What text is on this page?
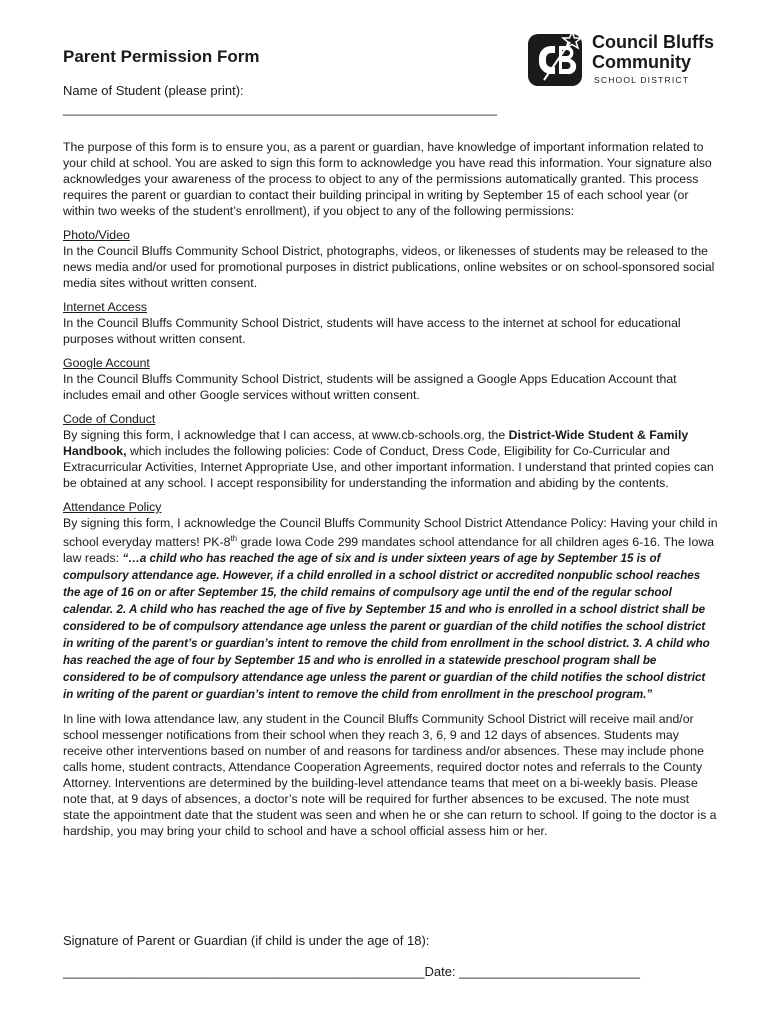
Parent Permission Form
Name of Student (please print):
____________________________________________________________
Council Bluffs
Community
SCHOOL DISTRICT

The purpose of this form is to ensure you, as a parent or guardian, have knowledge of important information related to your child at school. You are asked to sign this form to acknowledge you have read this information. Your signature also acknowledges your awareness of the process to object to any of the permissions automatically granted. This process requires the parent or guardian to contact their building principal in writing by September 15 of each school year (or within two weeks of the student’s enrollment), if you object to any of the following permissions:

Photo/Video
In the Council Bluffs Community School District, photographs, videos, or likenesses of students may be released to the news media and/or used for promotional purposes in district publications, online websites or on school-sponsored social media sites without written consent.
Internet Access
In the Council Bluffs Community School District, students will have access to the internet at school for educational purposes without written consent.
Google Account
In the Council Bluffs Community School District, students will be assigned a Google Apps Education Account that includes email and other Google services without written consent.
Code of Conduct
By signing this form, I acknowledge that I can access, at www.cb-schools.org, the District-Wide Student & Family Handbook, which includes the following policies: Code of Conduct, Dress Code, Eligibility for Co-Curricular and Extracurricular Activities, Internet Appropriate Use, and other important information. I understand that printed copies can be obtained at any school. I accept responsibility for understanding the information and abiding by the contents.
Attendance Policy
By signing this form, I acknowledge the Council Bluffs Community School District Attendance Policy: Having your child in school everyday matters! PK-8th grade Iowa Code 299 mandates school attendance for all children ages 6-16. The Iowa law reads: “…a child who has reached the age of six and is under sixteen years of age by September 15 is of compulsory attendance age. However, if a child enrolled in a school district or accredited nonpublic school reaches the age of 16 on or after September 15, the child remains of compulsory age until the end of the regular school calendar. 2. A child who has reached the age of five by September 15 and who is enrolled in a school district shall be considered to be of compulsory attendance age unless the parent or guardian of the child notifies the school district in writing of the parent’s or guardian’s intent to remove the child from enrollment in the school district. 3. A child who has reached the age of four by September 15 and who is enrolled in a statewide preschool program shall be considered to be of compulsory attendance age unless the parent or guardian of the child notifies the school district in writing of the parent or guardian’s intent to remove the child from enrollment in the preschool program.”

In line with Iowa attendance law, any student in the Council Bluffs Community School District will receive mail and/or school messenger notifications from their school when they reach 3, 6, 9 and 12 days of absences. Students may receive other interventions based on number of and reasons for tardiness and/or absences. These may include phone calls home, student contracts, Attendance Cooperation Agreements, required doctor notes and referrals to the County Attorney. Interventions are determined by the building-level attendance teams that meet on a bi-weekly basis. Please note that, at 9 days of absences, a doctor’s note will be required for further absences to be excused. The note must state the appointment date that the student was seen and when he or she can return to school. If going to the doctor is a hardship, you may bring your child to school and have a school official assess him or her.

Signature of Parent or Guardian (if child is under the age of 18):
__________________________________________________Date: _________________________
